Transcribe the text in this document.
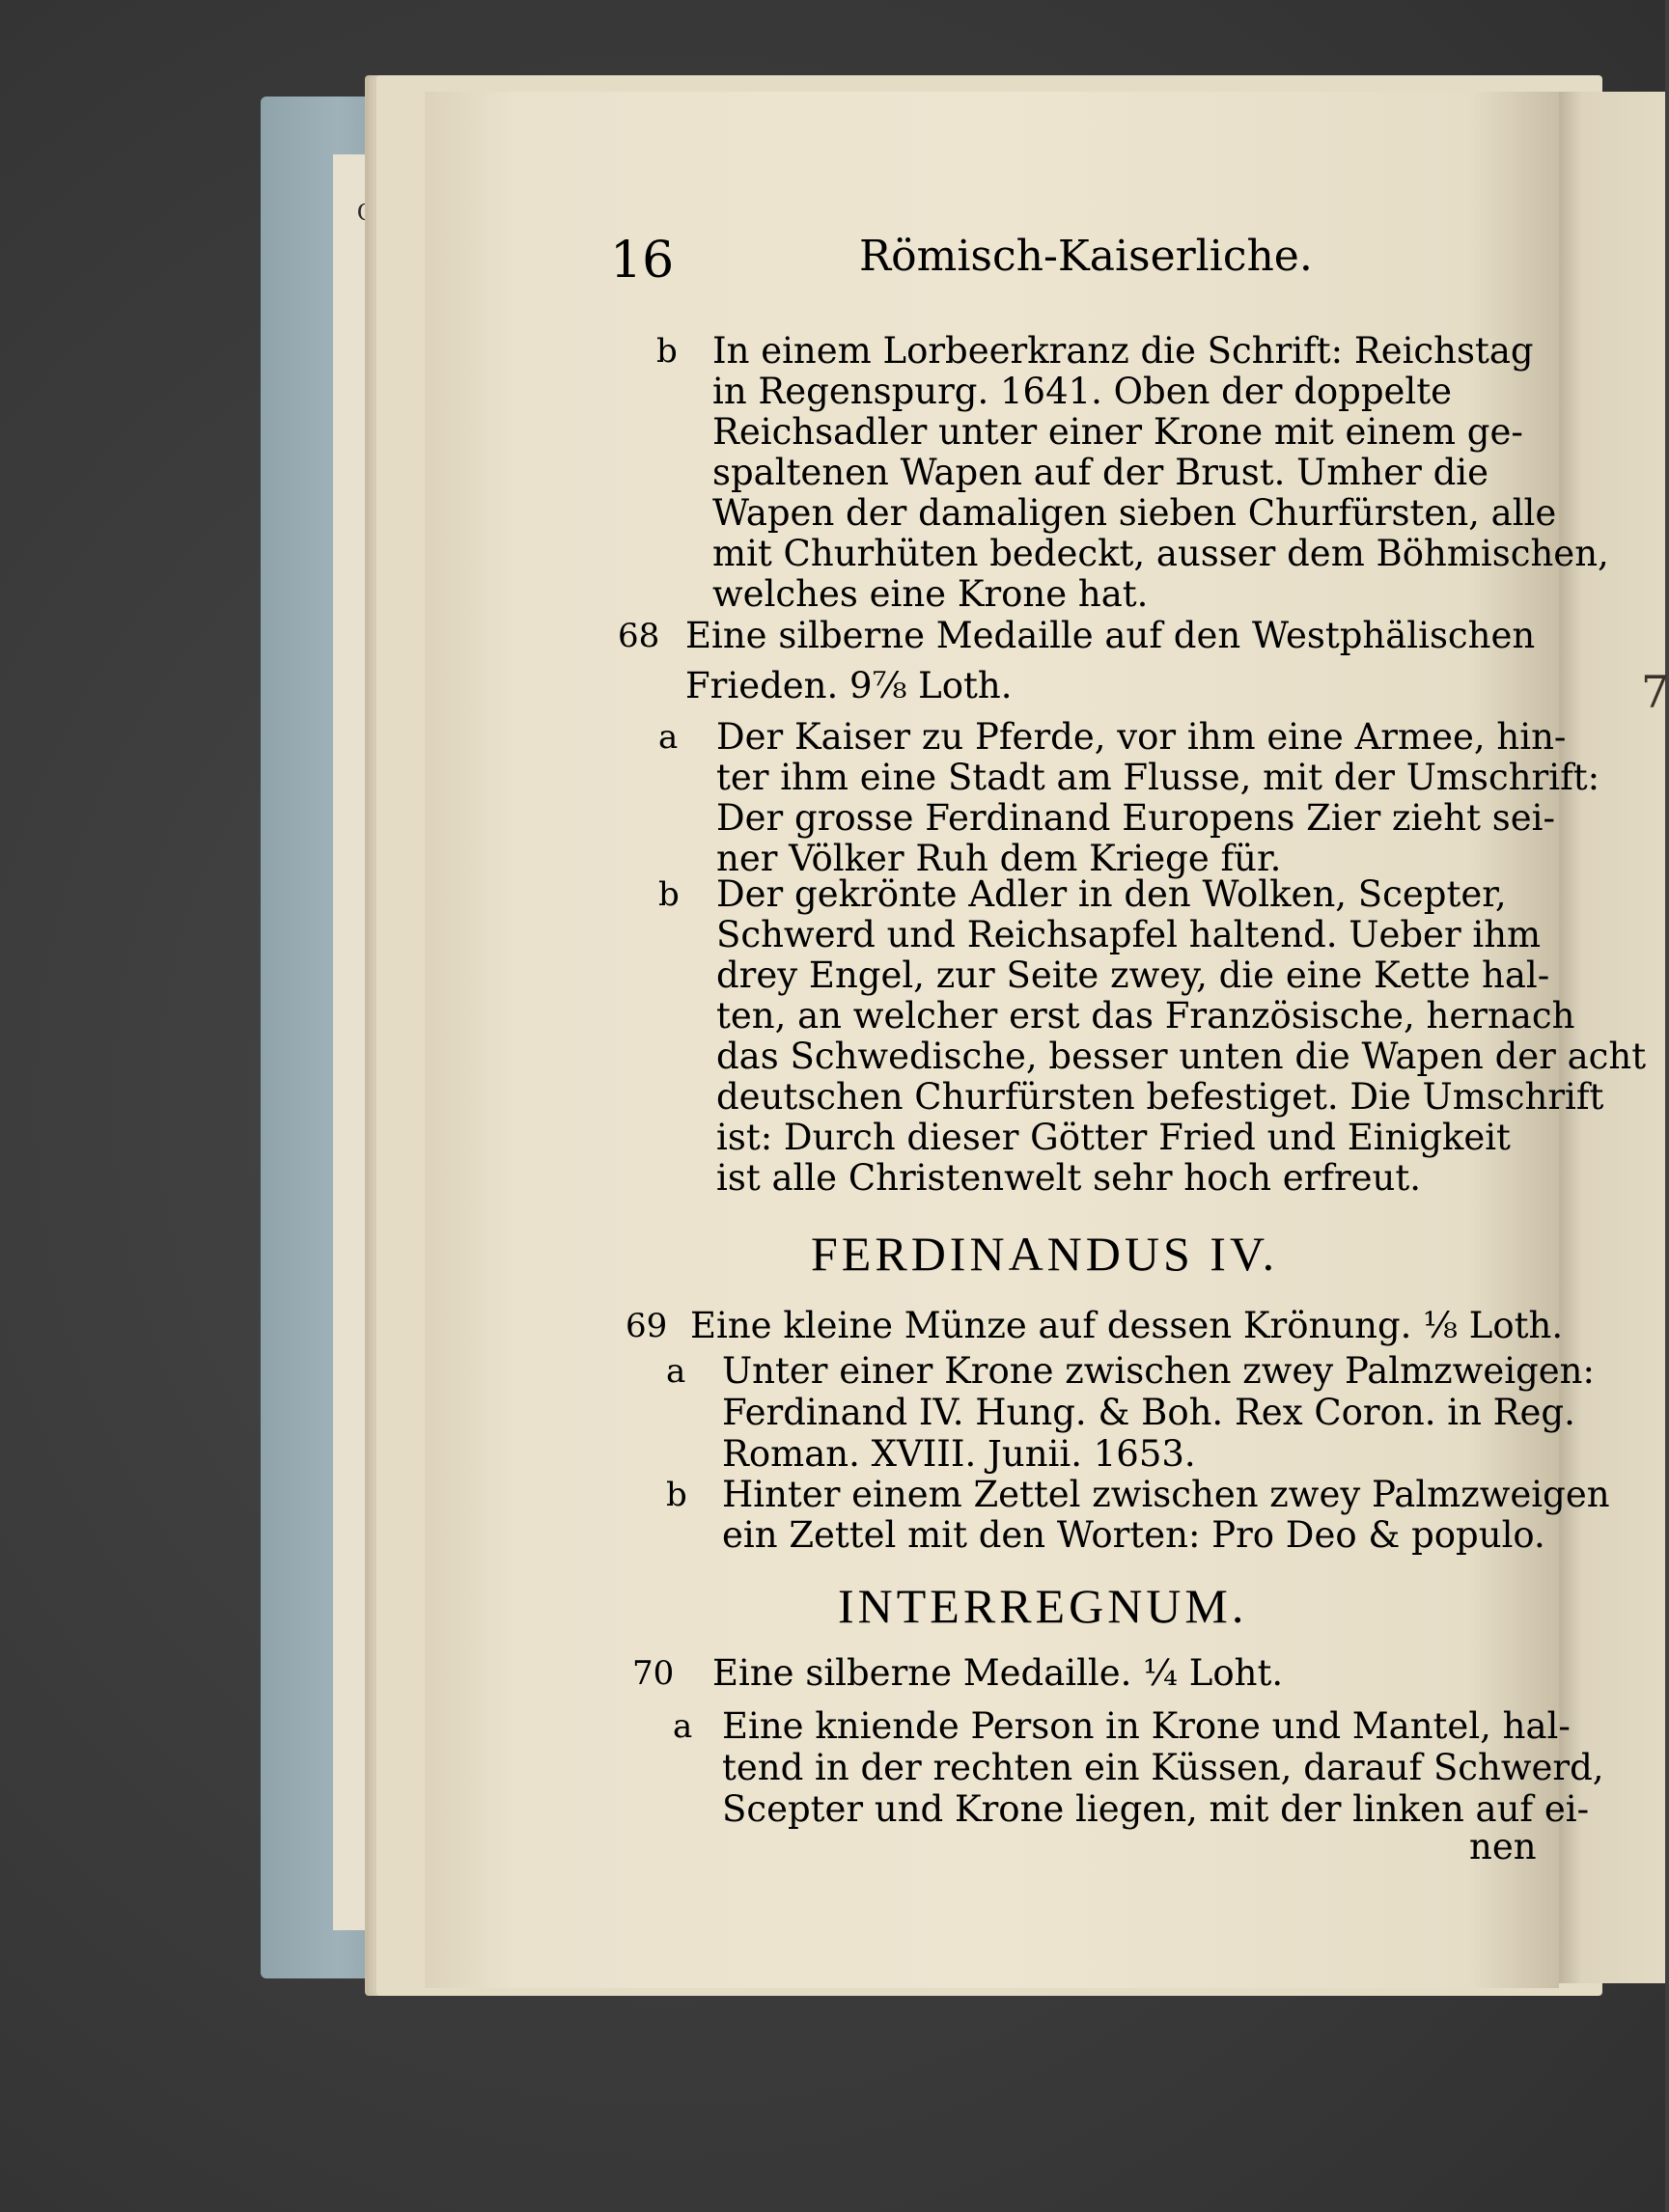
G
7
16	Römisch-Kaiserliche.
b In einem Lorbeerkranz die Schrift: Reichstag
in Regenspurg. 1641. Oben der doppelte
Reichsadler unter einer Krone mit einem ge-
spaltenen Wapen auf der Brust. Umher die
Wapen der damaligen sieben Churfürsten, alle
mit Churhüten bedeckt, ausser dem Böhmischen,
welches eine Krone hat.
68 Eine silberne Medaille auf den Westphälischen
Frieden. 9⅞ Loth.
a Der Kaiser zu Pferde, vor ihm eine Armee, hin-
ter ihm eine Stadt am Flusse, mit der Umschrift:
Der grosse Ferdinand Europens Zier zieht sei-
ner Völker Ruh dem Kriege für.
b Der gekrönte Adler in den Wolken, Scepter,
Schwerd und Reichsapfel haltend. Ueber ihm
drey Engel, zur Seite zwey, die eine Kette hal-
ten, an welcher erst das Französische, hernach
das Schwedische, besser unten die Wapen der acht
deutschen Churfürsten befestiget. Die Umschrift
ist: Durch dieser Götter Fried und Einigkeit
ist alle Christenwelt sehr hoch erfreut.
FERDINANDUS IV.
69 Eine kleine Münze auf dessen Krönung. ⅛ Loth.
a Unter einer Krone zwischen zwey Palmzweigen:
Ferdinand IV. Hung. & Boh. Rex Coron. in Reg.
Roman. XVIII. Junii. 1653.
b Hinter einem Zettel zwischen zwey Palmzweigen
ein Zettel mit den Worten: Pro Deo & populo.
INTERREGNUM.
70 Eine silberne Medaille. ¼ Loht.
a Eine kniende Person in Krone und Mantel, hal-
tend in der rechten ein Küssen, darauf Schwerd,
Scepter und Krone liegen, mit der linken auf ei-
nen
